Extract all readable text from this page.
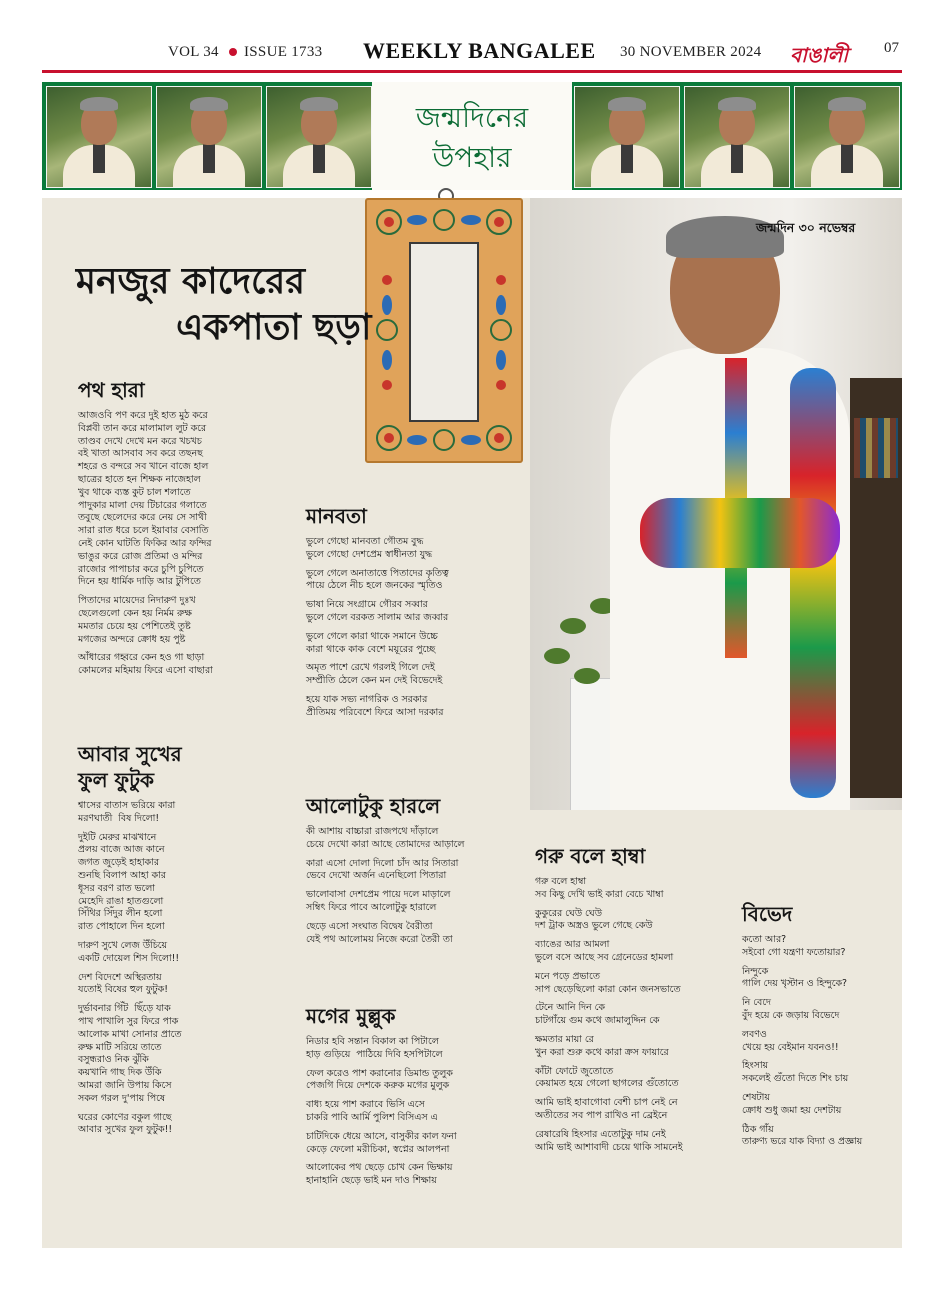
VOL 34 ISSUE 1733 WEEKLY BANGALEE 30 NOVEMBER 2024 বাঙালী	07
জন্মদিনের
উপহার
জন্মদিন ৩০ নভেম্বর
মনজুর কাদেরের
একপাতা ছড়া
পথ হারা
আজওবি পণ করে দুই হাত মুঠ করে
বিপ্লবী তান করে মালামাল লুট করে
তাণ্ডব দেখে দেখে মন করে খচখচ
বই খাতা আসবাব সব করে তছনছ
শহরে ও বন্দরে সব খানে বাজে হাল
ছাত্রের হাতে হন শিক্ষক নাজেহাল
খুব থাকে ব্যস্ত কুট চাল শলাতে
পাদুকার মালা দেয় টিচারের গলাতে
তবুছে ছেলেদের করে নেয় সে সাথী
সারা রাত ধরে চলে ইয়াবার বেসাতি
নেই কোন ঘাটতি ফিকির আর ফন্দির
ভাঙুর করে রোজ প্রতিমা ও মন্দির
রাজোর পাপাচার করে চুপি চুপিতে
দিনে হয় ধার্মিক দাড়ি আর টুপিতে

পিতাদের মায়েদের নিদারুণ দুঃখ
ছেলেগুলো কেন হয় নির্মম রুক্ষ
মমতার চেয়ে হয় পেশিতেই তুষ্ট
মগজের অন্দরে ক্রোধ হয় পুষ্ট

আঁধারের গহ্বরে কেন হও গা ছাড়া
কোমলের মহিমায় ফিরে এসো বাছারা
আবার সুখের
ফুল ফুটুক
শ্বাসের বাতাস ভরিয়ে কারা
মরণঘাতী  বিষ দিলো!

দুইটি মেরুর মাঝখানে
প্রলয় বাজে আজ কানে
জগত জুড়েই হাহাকার
শুনছি বিলাপ আহা কার
ধূসর বরণ রাত ভলো
মেহেদি রাঙা হাতগুলো
সিঁথির সিঁদুর লীন হলো
রাত পোহালে দিন হলো

দারুণ সুখে লেজ উঁচিয়ে
একটি দোয়েল শিস দিলো!!

দেশ বিদেশে অস্থিরতায়
যতোই বিষের হুল ফুটুক!

দুর্ভাবনার গিঁট  ছিঁড়ে যাক
পাখ পাখালি সুর ফিরে পাক
আলোক মাখা সোনার প্রাতে
রুক্ষ মাটি সরিয়ে তাতে
বসুন্ধরাও নিক ঝুঁকি
কয়খানি গাছ দিক উঁকি
আমরা জানি উপায় কিসে
সকল গরল দু'পায় পিষে

ঘরের কোণের বকুল গাছে
আবার সুখের ফুল ফুটুক!!
মানবতা
ভুলে গেছো মানবতা গৌতম বুদ্ধ
ভুলে গেছো দেশপ্রেম স্বাধীনতা যুদ্ধ

ভুলে গেলে অনাতাত্তে পিতাদের কৃতিত্ব
পায়ে ঠেলে নীচ হলে জনকের স্মৃতিও

ভাষা নিয়ে সংগ্রামে গৌরব সব্বার
ভুলে গেলে বরকত সালাম আর জব্বার

ভুলে গেলে কারা থাকে সমানে উচ্চে
কারা থাকে কাক বেশে ময়ূরের পুচ্ছে

অমৃত পাশে রেখে গরলই গিলে দেই
সম্প্রীতি ঠেলে কেন মন দেই বিভেদেই

হয়ে যাক সভ্য নাগরিক ও সরকার
প্রীতিময় পরিবেশে ফিরে আসা দরকার
আলোটুকু হারলে
কী আশায় বাচ্চারা রাজপথে দাঁড়ালে
চেয়ে দেখো কারা আছে তোমাদের আড়ালে

কারা এসো দোলা দিলো চাঁদ আর সিতারা
ভেবে দেখো অর্জন এনেছিলো পিতারা

ভালোবাসা দেশপ্রেম পায়ে দলে মাড়ালে
সম্বিৎ ফিরে পাবে আলোটুকু হারালে

ছেড়ে এসো সংঘাত বিদ্বেষ বৈরীতা
যেই পথ আলোময় নিজে করো তৈরী তা
মগের মুল্লুক
নিডার হবি সন্তান বিকাল কা পিটালে
হাড় গুড়িয়ে  পাঠিয়ে দিবি হসপিটালে

ফেল করেও পাশ করানোর ডিমান্ড তুলুক
পেজগি দিয়ে দেশকে করুক মগের মুলুক

বাধ্য হয়ে পাশ করাবে ভিসি এসে
চাকরি পাবি আর্মি পুলিশ বিসিএস এ

চাটিদিকে ধেয়ে আসে, বাসুকীর কাল ফনা
কেড়ে ফেলো মরীচিকা, স্বপ্নের আলপনা

আলোকের পথ ছেড়ে চোখ কেন ভিক্ষায়
হানাহানি ছেড়ে ভাই মন দাও শিক্ষায়
গরু বলে হাম্বা
গরু বলে হাম্বা
সব কিছু দেখি ভাই কারা বেচে খাম্বা

কুকুরের ঘেউ ঘেউ
দশ ট্রাক অস্ত্রও ভুলে গেছে কেউ

ব্যাঙের আর আমলা
ভুলে বসে আছে সব গ্রেনেডের হামলা

মনে পড়ে প্রভাতে
সাপ ছেড়েছিলো কারা কোন জনসভাতে

টেনে আনি দিন কে
চাটগাঁয়ে গুম কথে জামালুদ্দিন কে

ক্ষমতার মায়া রে
খুন করা শুরু কথে কারা ক্রস ফায়ারে

কাঁটা ফোটে জুতোতে
কেয়ামত হয়ে গেলো ছাগলের গুঁতোতে

আমি ভাই হাবাগোবা বেশী চাপ নেই নে
অতীতের সব পাপ রাখিও না ব্রেইনে

রেষারেষি হিংসার এতোটুকু দাম নেই
আমি ভাই আশাবাদী চেয়ে থাকি সামনেই
বিভেদ
কতো আর?
সইবো গো যন্ত্রণা ফতোয়ার?

নিন্দুকে
গালি দেয় খৃস্টান ও হিন্দুকে?

নি বেদে
বুঁদ হয়ে কে জড়ায় বিভেদে

লবণও
খেয়ে হয় বেইমান যবনও!!

হিংসায়
সকলেই গুঁতো দিতে শিং চায়

শেষটায়
ক্রোধ শুধু জমা হয় দেশটায়

ঠিক গাঁয়
তারুণ্য ভরে যাক বিদ্যা ও প্রজ্ঞায়
